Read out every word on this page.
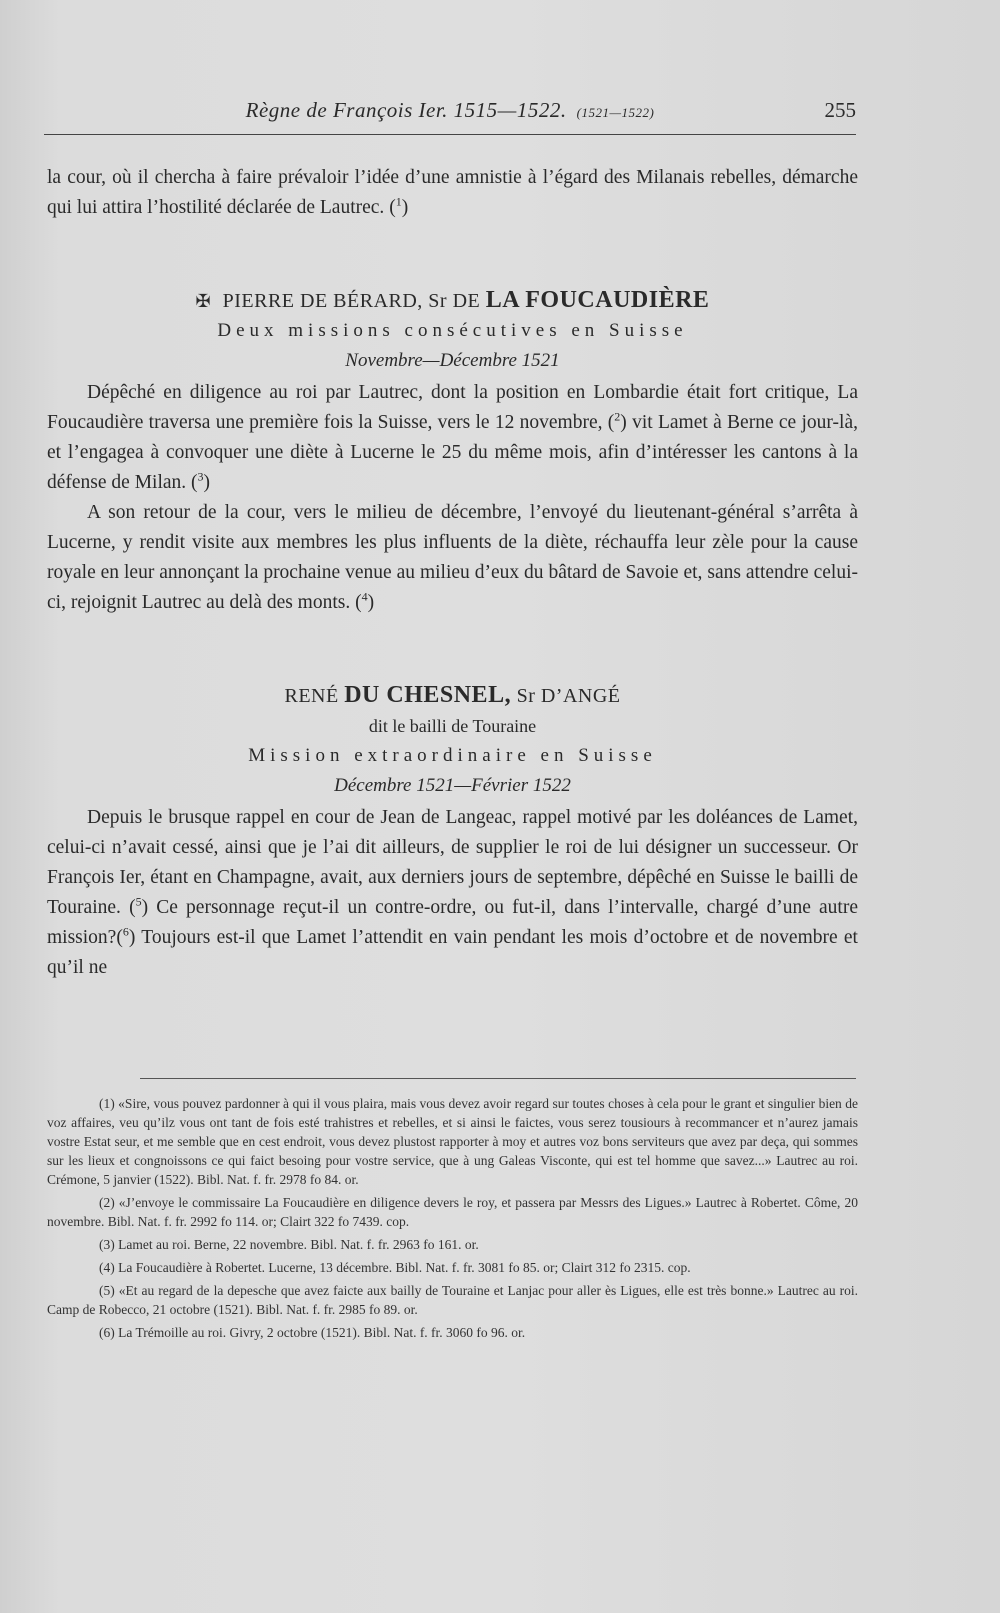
Règne de François Ier. 1515—1522. (1521—1522)	255

la cour, où il chercha à faire prévaloir l’idée d’une amnistie à l’égard des Milanais rebelles, démarche qui lui attira l’hostilité déclarée de Lautrec. ($^1$)

✠ PIERRE DE BÉRARD, Sr DE LA FOUCAUDIÈRE
Deux missions consécutives en Suisse
Novembre—Décembre 1521

Dépêché en diligence au roi par Lautrec, dont la position en Lombardie était fort critique, La Foucaudière traversa une première fois la Suisse, vers le 12 novembre, ($^2$) vit Lamet à Berne ce jour-là, et l’engagea à convoquer une diète à Lucerne le 25 du même mois, afin d’intéresser les cantons à la défense de Milan. ($^3$)

A son retour de la cour, vers le milieu de décembre, l’envoyé du lieutenant-général s’arrêta à Lucerne, y rendit visite aux membres les plus influents de la diète, réchauffa leur zèle pour la cause royale en leur annonçant la prochaine venue au milieu d’eux du bâtard de Savoie et, sans attendre celui-ci, rejoignit Lautrec au delà des monts. ($^4$)

RENÉ DU CHESNEL, Sr D’ANGÉ
dit le bailli de Touraine
Mission extraordinaire en Suisse
Décembre 1521—Février 1522

Depuis le brusque rappel en cour de Jean de Langeac, rappel motivé par les doléances de Lamet, celui-ci n’avait cessé, ainsi que je l’ai dit ailleurs, de supplier le roi de lui désigner un successeur. Or François Ier, étant en Champagne, avait, aux derniers jours de septembre, dépêché en Suisse le bailli de Touraine. ($^5$) Ce personnage reçut-il un contre-ordre, ou fut-il, dans l’intervalle, chargé d’une autre mission?($^6$) Toujours est-il que Lamet l’attendit en vain pendant les mois d’octobre et de novembre et qu’il ne

(1) «Sire, vous pouvez pardonner à qui il vous plaira, mais vous devez avoir regard sur toutes choses à cela pour le grant et singulier bien de voz affaires, veu qu’ilz vous ont tant de fois esté trahistres et rebelles, et si ainsi le faictes, vous serez tousiours à recommancer et n’aurez jamais vostre Estat seur, et me semble que en cest endroit, vous devez plustost rapporter à moy et autres voz bons serviteurs que avez par deça, qui sommes sur les lieux et congnoissons ce qui faict besoing pour vostre service, que à ung Galeas Visconte, qui est tel homme que savez...» Lautrec au roi. Crémone, 5 janvier (1522). Bibl. Nat. f. fr. 2978 fo 84. or.

(2) «J’envoye le commissaire La Foucaudière en diligence devers le roy, et passera par Messrs des Ligues.» Lautrec à Robertet. Côme, 20 novembre. Bibl. Nat. f. fr. 2992 fo 114. or; Clairt 322 fo 7439. cop.

(3) Lamet au roi. Berne, 22 novembre. Bibl. Nat. f. fr. 2963 fo 161. or.

(4) La Foucaudière à Robertet. Lucerne, 13 décembre. Bibl. Nat. f. fr. 3081 fo 85. or; Clairt 312 fo 2315. cop.

(5) «Et au regard de la depesche que avez faicte aux bailly de Touraine et Lanjac pour aller ès Ligues, elle est très bonne.» Lautrec au roi. Camp de Robecco, 21 octobre (1521). Bibl. Nat. f. fr. 2985 fo 89. or.

(6) La Trémoille au roi. Givry, 2 octobre (1521). Bibl. Nat. f. fr. 3060 fo 96. or.
